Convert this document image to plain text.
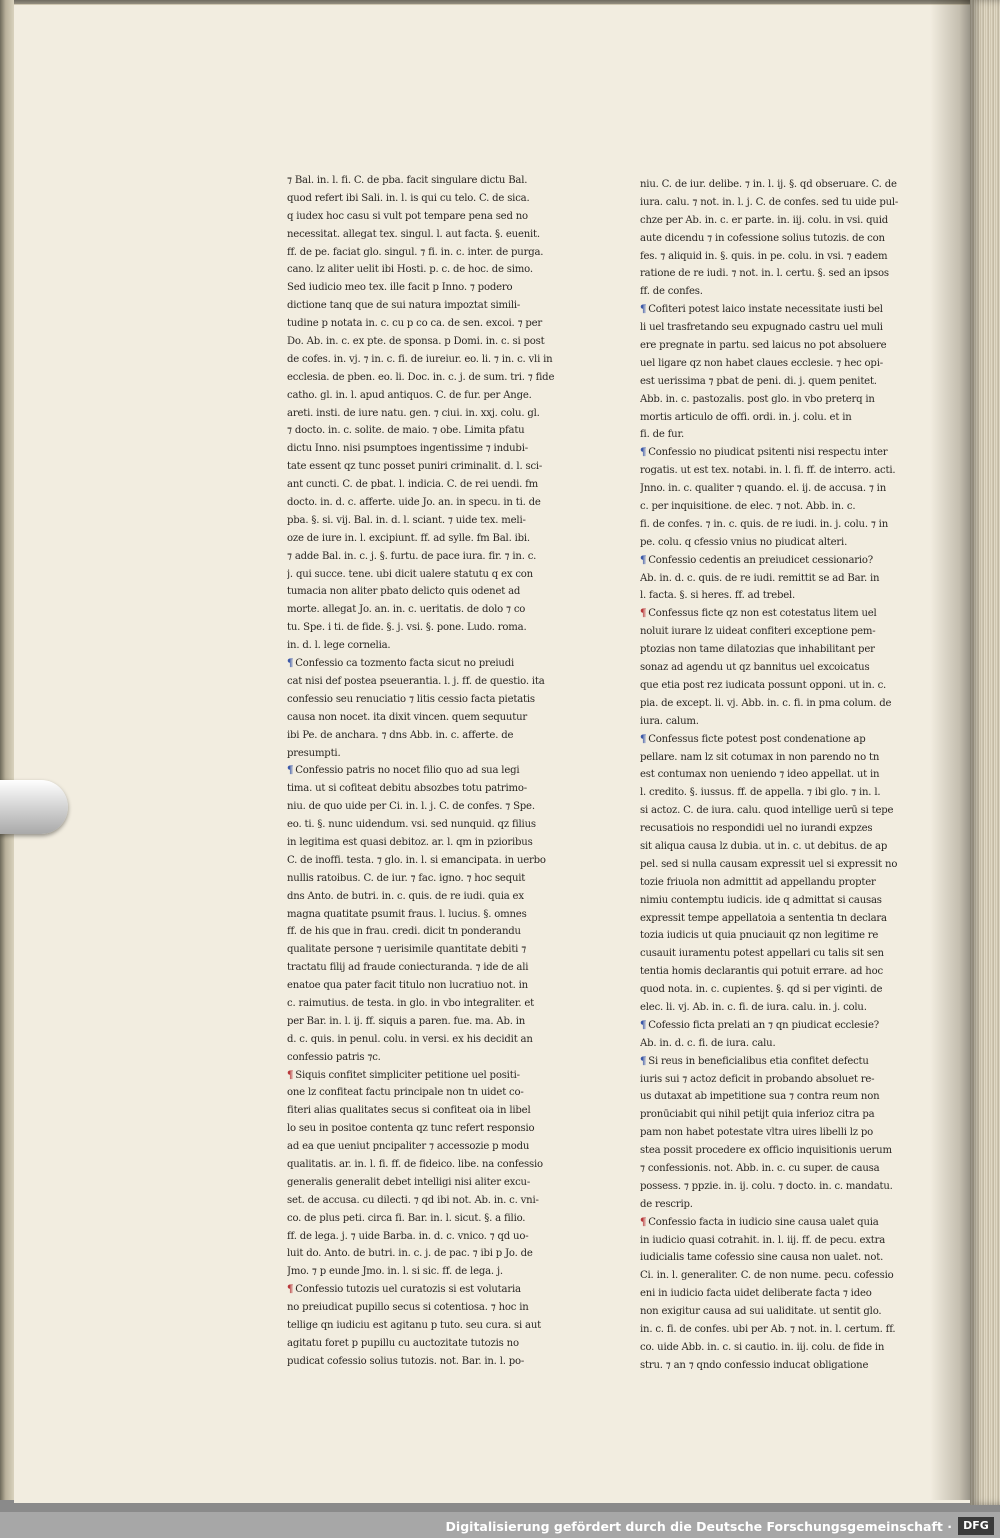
⁊ Bal. in. l. fi. C. de pba. facit singulare dictu Bal.
quod refert ibi Sali. in. l. is qui cu telo. C. de sica.
q iudex hoc casu si vult pot tempare pena sed no
necessitat. allegat tex. singul. l. aut facta. §. euenit.
ff. de pe. faciat glo. singul. ⁊ fi. in. c. inter. de purga.
cano. lz aliter uelit ibi Hosti. p. c. de hoc. de simo.
Sed iudicio meo tex. ille facit p Inno. ⁊ podero
dictione tanq que de sui natura impoztat simili-
tudine p notata in. c. cu p co ca. de sen. excoi. ⁊ per
Do. Ab. in. c. ex pte. de sponsa. p Domi. in. c. si post
de cofes. in. vj. ⁊ in. c. fi. de iureiur. eo. li. ⁊ in. c. vli in
ecclesia. de pben. eo. li. Doc. in. c. j. de sum. tri. ⁊ fide
catho. gl. in. l. apud antiquos. C. de fur. per Ange.
areti. insti. de iure natu. gen. ⁊ ciui. in. xxj. colu. gl.
⁊ docto. in. c. solite. de maio. ⁊ obe. Limita pfatu
dictu Inno. nisi psumptoes ingentissime ⁊ indubi-
tate essent qz tunc posset puniri criminalit. d. l. sci-
ant cuncti. C. de pbat. l. indicia. C. de rei uendi. fm
docto. in. d. c. afferte. uide Jo. an. in specu. in ti. de
pba. §. si. vij. Bal. in. d. l. sciant. ⁊ uide tex. meli-
oze de iure in. l. excipiunt. ff. ad sylle. fm Bal. ibi.
⁊ adde Bal. in. c. j. §. furtu. de pace iura. fir. ⁊ in. c.
j. qui succe. tene. ubi dicit ualere statutu q ex con
tumacia non aliter pbato delicto quis odenet ad
morte. allegat Jo. an. in. c. ueritatis. de dolo ⁊ co
tu. Spe. i ti. de fide. §. j. vsi. §. pone. Ludo. roma.
in. d. l. lege cornelia.
¶ Confessio ca tozmento facta sicut no preiudi
cat nisi def postea pseuerantia. l. j. ff. de questio. ita
confessio seu renuciatio ⁊ litis cessio facta pietatis
causa non nocet. ita dixit vincen. quem sequutur
ibi Pe. de anchara. ⁊ dns Abb. in. c. afferte. de
presumpti.
¶ Confessio patris no nocet filio quo ad sua legi
tima. ut si cofiteat debitu absozbes totu patrimo-
niu. de quo uide per Ci. in. l. j. C. de confes. ⁊ Spe.
eo. ti. §. nunc uidendum. vsi. sed nunquid. qz filius
in legitima est quasi debitoz. ar. l. qm in pzioribus
C. de inoffi. testa. ⁊ glo. in. l. si emancipata. in uerbo
nullis ratoibus. C. de iur. ⁊ fac. igno. ⁊ hoc sequit
dns Anto. de butri. in. c. quis. de re iudi. quia ex
magna quatitate psumit fraus. l. lucius. §. omnes
ff. de his que in frau. credi. dicit tn ponderandu
qualitate persone ⁊ uerisimile quantitate debiti ⁊
tractatu filij ad fraude coniecturanda. ⁊ ide de ali
enatoe qua pater facit titulo non lucratiuo not. in
c. raimutius. de testa. in glo. in vbo integraliter. et
per Bar. in. l. ij. ff. siquis a paren. fue. ma. Ab. in
d. c. quis. in penul. colu. in versi. ex his decidit an
confessio patris ⁊c.
¶ Siquis confitet simpliciter petitione uel positi-
one lz confiteat factu principale non tn uidet co-
fiteri alias qualitates secus si confiteat oia in libel
lo seu in positoe contenta qz tunc refert responsio
ad ea que ueniut pncipaliter ⁊ accessozie p modu
qualitatis. ar. in. l. fi. ff. de fideico. libe. na confessio
generalis generalit debet intelligi nisi aliter excu-
set. de accusa. cu dilecti. ⁊ qd ibi not. Ab. in. c. vni-
co. de plus peti. circa fi. Bar. in. l. sicut. §. a filio.
ff. de lega. j. ⁊ uide Barba. in. d. c. vnico. ⁊ qd uo-
luit do. Anto. de butri. in. c. j. de pac. ⁊ ibi p Jo. de
Jmo. ⁊ p eunde Jmo. in. l. si sic. ff. de lega. j.
¶ Confessio tutozis uel curatozis si est volutaria
no preiudicat pupillo secus si cotentiosa. ⁊ hoc in
tellige qn iudiciu est agitanu p tuto. seu cura. si aut
agitatu foret p pupillu cu auctozitate tutozis no
pudicat cofessio solius tutozis. not. Bar. in. l. po-
niu. C. de iur. delibe. ⁊ in. l. ij. §. qd obseruare. C. de
iura. calu. ⁊ not. in. l. j. C. de confes. sed tu uide pul-
chze per Ab. in. c. er parte. in. iij. colu. in vsi. quid
aute dicendu ⁊ in cofessione solius tutozis. de con
fes. ⁊ aliquid in. §. quis. in pe. colu. in vsi. ⁊ eadem
ratione de re iudi. ⁊ not. in. l. certu. §. sed an ipsos
ff. de confes.
¶ Cofiteri potest laico instate necessitate iusti bel
li uel trasfretando seu expugnado castru uel muli
ere pregnate in partu. sed laicus no pot absoluere
uel ligare qz non habet claues ecclesie. ⁊ hec opi-
est uerissima ⁊ pbat de peni. di. j. quem penitet.
Abb. in. c. pastozalis. post glo. in vbo preterq in
mortis articulo de offi. ordi. in. j. colu. et in
fi. de fur.
¶ Confessio no piudicat psitenti nisi respectu inter
rogatis. ut est tex. notabi. in. l. fi. ff. de interro. acti.
Jnno. in. c. qualiter ⁊ quando. el. ij. de accusa. ⁊ in
c. per inquisitione. de elec. ⁊ not. Abb. in. c.
fi. de confes. ⁊ in. c. quis. de re iudi. in. j. colu. ⁊ in
pe. colu. q cfessio vnius no piudicat alteri.
¶ Confessio cedentis an preiudicet cessionario?
Ab. in. d. c. quis. de re iudi. remittit se ad Bar. in
l. facta. §. si heres. ff. ad trebel.
¶ Confessus ficte qz non est cotestatus litem uel
noluit iurare lz uideat confiteri exceptione pem-
ptozias non tame dilatozias que inhabilitant per
sonaz ad agendu ut qz bannitus uel excoicatus
que etia post rez iudicata possunt opponi. ut in. c.
pia. de except. li. vj. Abb. in. c. fi. in pma colum. de
iura. calum.
¶ Confessus ficte potest post condenatione ap
pellare. nam lz sit cotumax in non parendo no tn
est contumax non ueniendo ⁊ ideo appellat. ut in
l. credito. §. iussus. ff. de appella. ⁊ ibi glo. ⁊ in. l.
si actoz. C. de iura. calu. quod intellige uerū si tepe
recusatiois no respondidi uel no iurandi expzes
sit aliqua causa lz dubia. ut in. c. ut debitus. de ap
pel. sed si nulla causam expressit uel si expressit no
tozie friuola non admittit ad appellandu propter
nimiu contemptu iudicis. ide q admittat si causas
expressit tempe appellatoia a sententia tn declara
tozia iudicis ut quia pnuciauit qz non legitime re
cusauit iuramentu potest appellari cu talis sit sen
tentia homis declarantis qui potuit errare. ad hoc
quod nota. in. c. cupientes. §. qd si per viginti. de
elec. li. vj. Ab. in. c. fi. de iura. calu. in. j. colu.
¶ Cofessio ficta prelati an ⁊ qn piudicat ecclesie?
Ab. in. d. c. fi. de iura. calu.
¶ Si reus in beneficialibus etia confitet defectu
iuris sui ⁊ actoz deficit in probando absoluet re-
us dutaxat ab impetitione sua ⁊ contra reum non
pronūciabit qui nihil petijt quia inferioz citra pa
pam non habet potestate vltra uires libelli lz po
stea possit procedere ex officio inquisitionis uerum
⁊ confessionis. not. Abb. in. c. cu super. de causa
possess. ⁊ ppzie. in. ij. colu. ⁊ docto. in. c. mandatu.
de rescrip.
¶ Confessio facta in iudicio sine causa ualet quia
in iudicio quasi cotrahit. in. l. iij. ff. de pecu. extra
iudicialis tame cofessio sine causa non ualet. not.
Ci. in. l. generaliter. C. de non nume. pecu. cofessio
eni in iudicio facta uidet deliberate facta ⁊ ideo
non exigitur causa ad sui ualiditate. ut sentit glo.
in. c. fi. de confes. ubi per Ab. ⁊ not. in. l. certum. ff.
co. uide Abb. in. c. si cautio. in. iij. colu. de fide in
stru. ⁊ an ⁊ qndo confessio inducat obligatione
Digitalisierung gefördert durch die Deutsche Forschungsgemeinschaft ·	DFG
